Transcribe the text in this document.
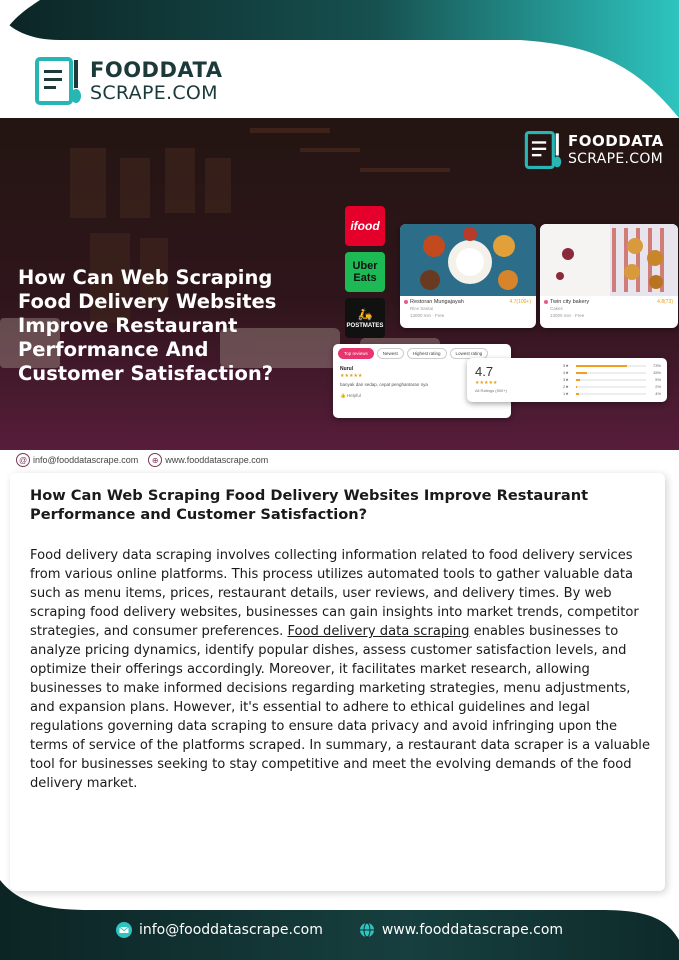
FOODDATA
SCRAPE.COM
FOODDATA
SCRAPE.COM
How Can Web Scraping Food Delivery Websites Improve Restaurant Performance And Customer Satisfaction?
ifood
Uber Eats
🛵
POSTMATES
Restoran Mungajayah	4.7(100+)
Rice Santai
13000 min · Free
Twin city bakery	4.8(73)
Cakes
13000 min · Free
Top reviews	Newest	Highest rating	Lowest rating
Nurul
★★★★★
banyak dan sedap, cepat penghantaran nya
👍 Helpful
4.7
★★★★★
All Ratings (500+)
5★	73%
4★	15%
3★	5%
2★	2%
1★	4%
@ info@fooddatascrape.com	⊕ www.fooddatascrape.com
How Can Web Scraping Food Delivery Websites Improve Restaurant Performance and Customer Satisfaction?
Food delivery data scraping involves collecting information related to food delivery services from various online platforms. This process utilizes automated tools to gather valuable data such as menu items, prices, restaurant details, user reviews, and delivery times. By web scraping food delivery websites, businesses can gain insights into market trends, competitor strategies, and consumer preferences. Food delivery data scraping enables businesses to analyze pricing dynamics, identify popular dishes, assess customer satisfaction levels, and optimize their offerings accordingly. Moreover, it facilitates market research, allowing businesses to make informed decisions regarding marketing strategies, menu adjustments, and expansion plans. However, it's essential to adhere to ethical guidelines and legal regulations governing data scraping to ensure data privacy and avoid infringing upon the terms of service of the platforms scraped. In summary, a restaurant data scraper is a valuable tool for businesses seeking to stay competitive and meet the evolving demands of the food delivery market.
info@fooddatascrape.com	www.fooddatascrape.com
